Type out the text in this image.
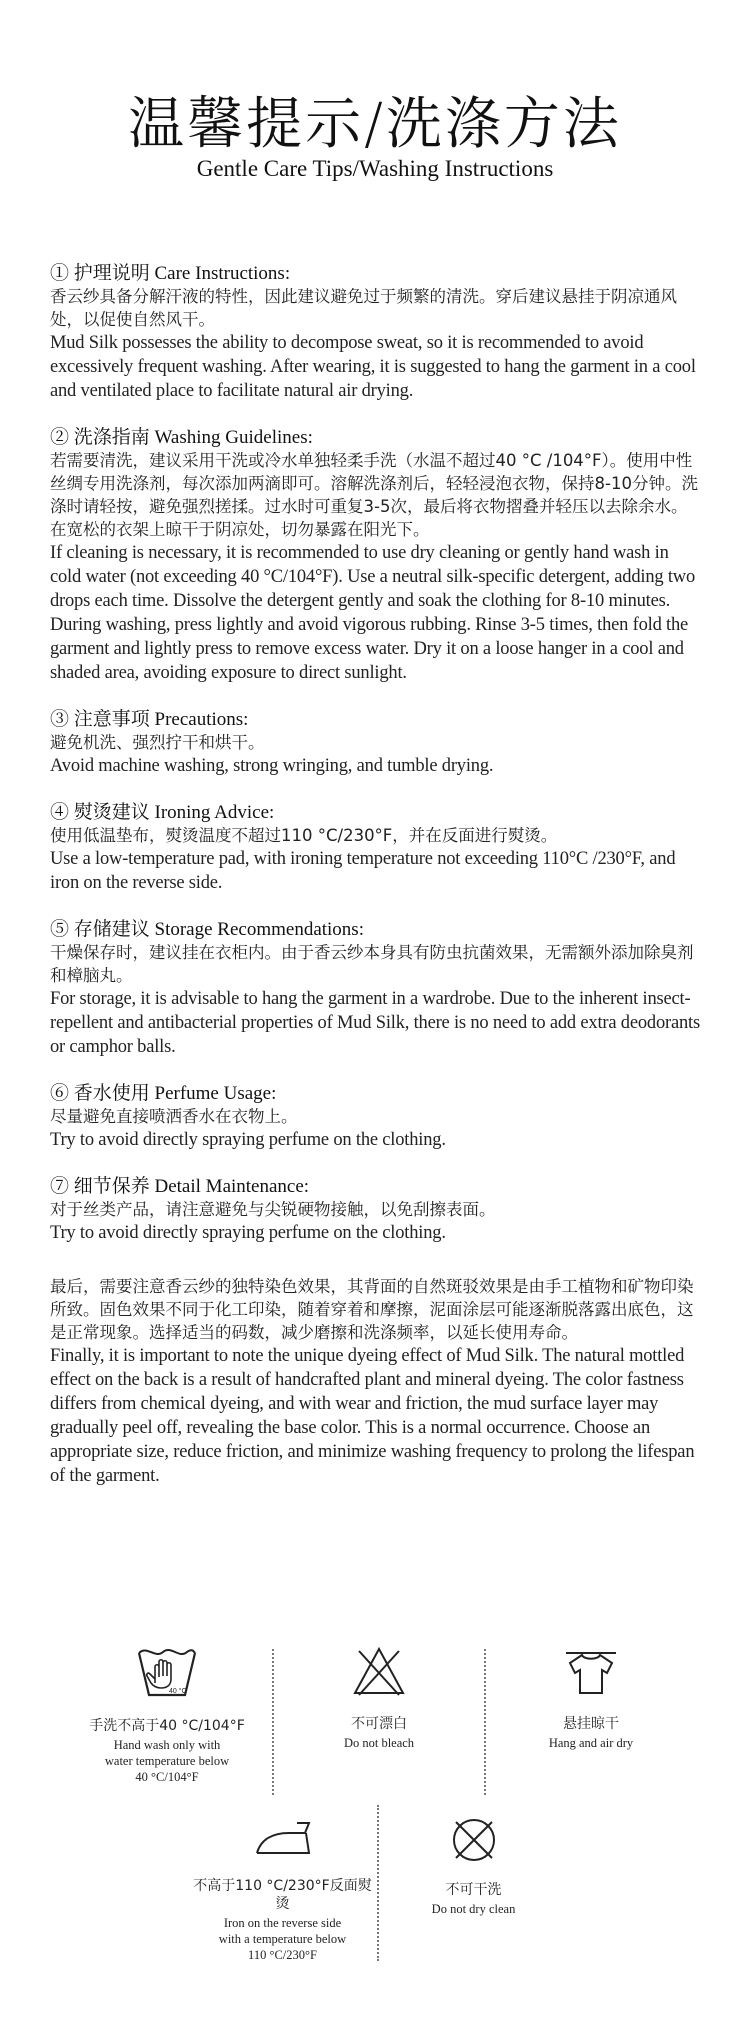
温馨提示/洗涤方法
Gentle Care Tips/Washing Instructions
① 护理说明 Care Instructions:
香云纱具备分解汗液的特性，因此建议避免过于频繁的清洗。穿后建议悬挂于阴凉通风处，以促使自然风干。
Mud Silk possesses the ability to decompose sweat, so it is recommended to avoid excessively frequent washing. After wearing, it is suggested to hang the garment in a cool and ventilated place to facilitate natural air drying.
② 洗涤指南 Washing Guidelines:
若需要清洗，建议采用干洗或冷水单独轻柔手洗（水温不超过40 °C /104°F）。使用中性丝绸专用洗涤剂，每次添加两滴即可。溶解洗涤剂后，轻轻浸泡衣物，保持8-10分钟。洗涤时请轻按，避免强烈搓揉。过水时可重复3-5次，最后将衣物摺叠并轻压以去除余水。在宽松的衣架上晾干于阴凉处，切勿暴露在阳光下。
If cleaning is necessary, it is recommended to use dry cleaning or gently hand wash in cold water (not exceeding 40 °C/104°F). Use a neutral silk-specific detergent, adding two drops each time. Dissolve the detergent gently and soak the clothing for 8-10 minutes. During washing, press lightly and avoid vigorous rubbing. Rinse 3-5 times, then fold the garment and lightly press to remove excess water. Dry it on a loose hanger in a cool and shaded area, avoiding exposure to direct sunlight.
③ 注意事项 Precautions:
避免机洗、强烈拧干和烘干。
Avoid machine washing, strong wringing, and tumble drying.
④ 熨烫建议 Ironing Advice:
使用低温垫布，熨烫温度不超过110 °C/230°F，并在反面进行熨烫。
Use a low-temperature pad, with ironing temperature not exceeding 110°C /230°F, and iron on the reverse side.
⑤ 存储建议 Storage Recommendations:
干燥保存时，建议挂在衣柜内。由于香云纱本身具有防虫抗菌效果，无需额外添加除臭剂和樟脑丸。
For storage, it is advisable to hang the garment in a wardrobe. Due to the inherent insect-repellent and antibacterial properties of Mud Silk, there is no need to add extra deodorants or camphor balls.
⑥ 香水使用 Perfume Usage:
尽量避免直接喷洒香水在衣物上。
Try to avoid directly spraying perfume on the clothing.
⑦ 细节保养 Detail Maintenance:
对于丝类产品，请注意避免与尖锐硬物接触，以免刮擦表面。
Try to avoid directly spraying perfume on the clothing.
最后，需要注意香云纱的独特染色效果，其背面的自然斑驳效果是由手工植物和矿物印染所致。固色效果不同于化工印染，随着穿着和摩擦，泥面涂层可能逐渐脱落露出底色，这是正常现象。选择适当的码数，减少磨擦和洗涤频率，以延长使用寿命。
Finally, it is important to note the unique dyeing effect of Mud Silk. The natural mottled effect on the back is a result of handcrafted plant and mineral dyeing. The color fastness differs from chemical dyeing, and with wear and friction, the mud surface layer may gradually peel off, revealing the base color. This is a normal occurrence. Choose an appropriate size, reduce friction, and minimize washing frequency to prolong the lifespan of the garment.
40 °C
手洗不高于40 °C/104°F
Hand wash only with water temperature below 40 °C/104°F
不可漂白
Do not bleach
悬挂晾干
Hang and air dry
不高于110 °C/230°F反面熨烫
Iron on the reverse side with a temperature below 110 °C/230°F
不可干洗
Do not dry clean
